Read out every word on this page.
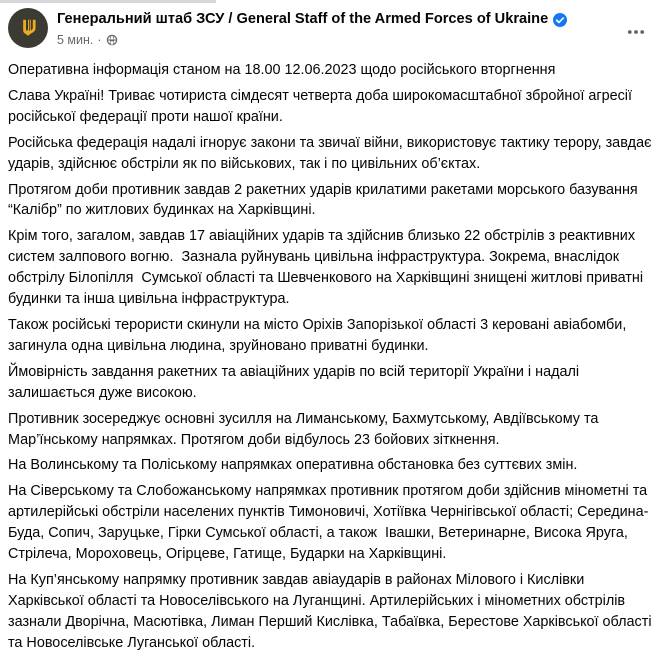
Генеральний штаб ЗСУ / General Staff of the Armed Forces of Ukraine
5 мин. ·

Оперативна інформація станом на 18.00 12.06.2023 щодо російського вторгнення

Слава Україні! Триває чотириста сімдесят четверта доба широкомасштабної збройної агресії російської федерації проти нашої країни.

Російська федерація надалі ігнорує закони та звичаї війни, використовує тактику терору, завдає ударів, здійснює обстріли як по військових, так і по цивільних об’єктах.

Протягом доби противник завдав 2 ракетних ударів крилатими ракетами морського базування “Калібр” по житлових будинках на Харківщині.

Крім того, загалом, завдав 17 авіаційних ударів та здійснив близько 22 обстрілів з реактивних систем залпового вогню.  Зазнала руйнувань цивільна інфраструктура. Зокрема, внаслідок обстрілу Білопілля  Сумської області та Шевченкового на Харківщині знищені житлові приватні будинки та інша цивільна інфраструктура.

Також російські терористи скинули на місто Оріхів Запорізької області 3 керовані авіабомби, загинула одна цивільна людина, зруйновано приватні будинки.

Ймовірність завдання ракетних та авіаційних ударів по всій території України і надалі залишається дуже високою.

Противник зосереджує основні зусилля на Лиманському, Бахмутському, Авдіївському та Мар’їнському напрямках. Протягом доби відбулось 23 бойових зіткнення.

На Волинському та Поліському напрямках оперативна обстановка без суттєвих змін.

На Сіверському та Слобожанському напрямках противник протягом доби здійснив мінометні та артилерійські обстріли населених пунктів Тимоновичі, Хотіївка Чернігівської області; Середина-Буда, Сопич, Заруцьке, Гірки Сумської області, а також  Івашки, Ветеринарне, Висока Яруга, Стрілеча, Мороховець, Огірцеве, Гатище, Бударки на Харківщині.

На Куп’янському напрямку противник завдав авіаударів в районах Мілового і Кислівки Харківської області та Новоселівського на Луганщині. Артилерійських і мінометних обстрілів зазнали Дворічна, Масютівка, Лиман Перший Кислівка, Табаївка, Берестове Харківської області та Новоселівське Луганської області.
